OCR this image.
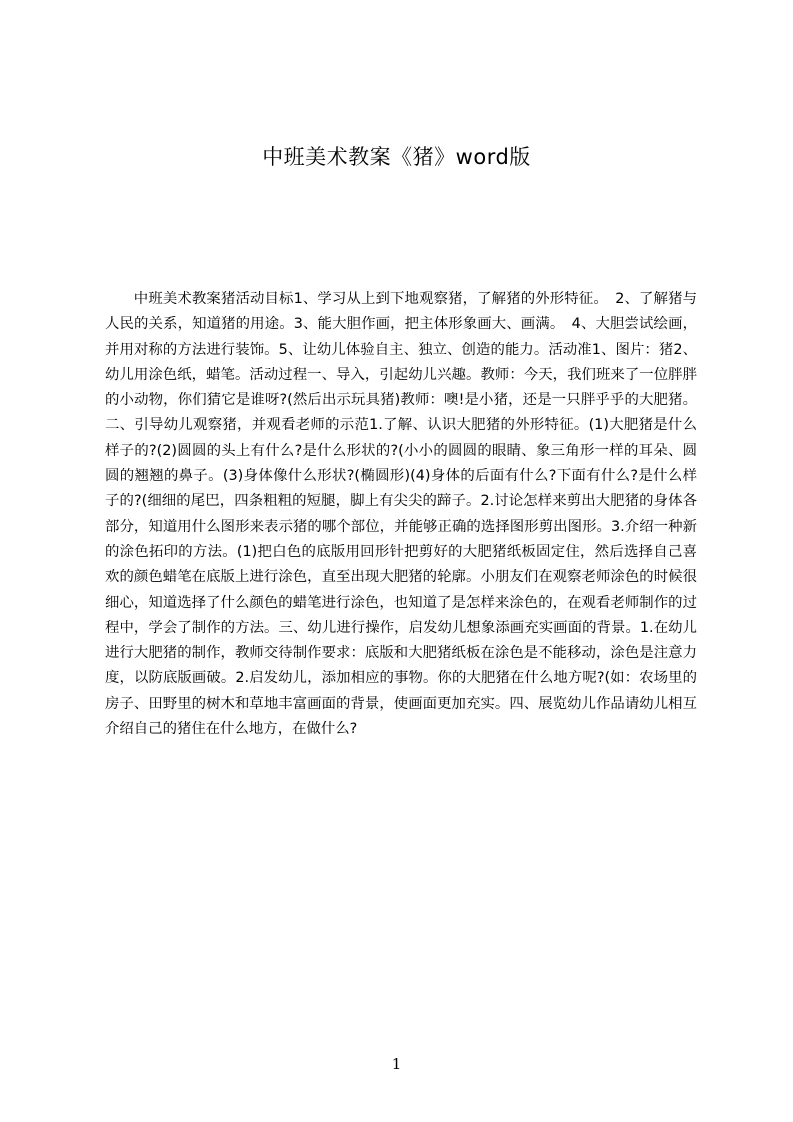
中班美术教案《猪》word版
中班美术教案猪活动目标1、学习从上到下地观察猪，了解猪的外形特征。　2、了解猪与人民的关系，知道猪的用途。3、能大胆作画，把主体形象画大、画满。　4、大胆尝试绘画，并用对称的方法进行装饰。5、让幼儿体验自主、独立、创造的能力。活动准1、图片：猪2、幼儿用涂色纸，蜡笔。活动过程一、导入，引起幼儿兴趣。教师：今天，我们班来了一位胖胖的小动物，你们猜它是谁呀?(然后出示玩具猪)教师：噢!是小猪，还是一只胖乎乎的大肥猪。二、引导幼儿观察猪，并观看老师的示范1.了解、认识大肥猪的外形特征。(1)大肥猪是什么样子的?(2)圆圆的头上有什么?是什么形状的?(小小的圆圆的眼睛、象三角形一样的耳朵、圆圆的翘翘的鼻子。(3)身体像什么形状?(椭圆形)(4)身体的后面有什么?下面有什么?是什么样子的?(细细的尾巴，四条粗粗的短腿，脚上有尖尖的蹄子。2.讨论怎样来剪出大肥猪的身体各部分，知道用什么图形来表示猪的哪个部位，并能够正确的选择图形剪出图形。3.介绍一种新的涂色拓印的方法。(1)把白色的底版用回形针把剪好的大肥猪纸板固定住，然后选择自己喜欢的颜色蜡笔在底版上进行涂色，直至出现大肥猪的轮廓。小朋友们在观察老师涂色的时候很细心，知道选择了什么颜色的蜡笔进行涂色，也知道了是怎样来涂色的，在观看老师制作的过程中，学会了制作的方法。三、幼儿进行操作，启发幼儿想象添画充实画面的背景。1.在幼儿进行大肥猪的制作，教师交待制作要求：底版和大肥猪纸板在涂色是不能移动，涂色是注意力度，以防底版画破。2.启发幼儿，添加相应的事物。你的大肥猪在什么地方呢?(如：农场里的房子、田野里的树木和草地丰富画面的背景，使画面更加充实。四、展览幼儿作品请幼儿相互介绍自己的猪住在什么地方，在做什么?
1
